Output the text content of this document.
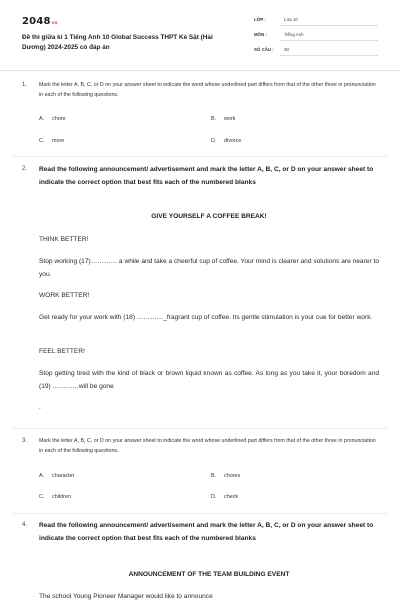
2048vn
Đề thi giữa kì 1 Tiếng Anh 10 Global Success THPT Kẻ Sặt (Hải Dương) 2024-2025 có đáp án
LỚP :	Lớp 10
MÔN :	Tiếng Anh
SỐ CÂU : 30
1. Mark the letter A, B, C, or D on your answer sheet to indicate the word whose underlined part differs from that of the other three in pronunciation in each of the following questions.
A. chore	B. work
C. more	D. divorce
2. Read the following announcement/ advertisement and mark the letter A, B, C, or D on your answer sheet to indicate the correct option that best fits each of the numbered blanks
GIVE YOURSELF A COFFEE BREAK!
THINK BETTER!
Stop working (17)………… a while and take a cheerful cup of coffee. Your mind is clearer and solutions are nearer to you.
WORK BETTER!
Get ready for your work with (18) …………_fragrant cup of coffee. Its gentle stimulation is your cue for better work.
FEEL BETTER!
Stop getting tired with the kind of black or brown liquid known as coffee. As long as you take it, your boredom and (19) …………will be gone
.
3. Mark the letter A, B, C, or D on your answer sheet to indicate the word whose underlined part differs from that of the other three in pronunciation in each of the following questions.
A. character	B. chores
C. children	D. check
4. Read the following announcement/ advertisement and mark the letter A, B, C, or D on your answer sheet to indicate the correct option that best fits each of the numbered blanks
ANNOUNCEMENT OF THE TEAM BUILDING EVENT
The school Young Pioneer Manager would like to announce
